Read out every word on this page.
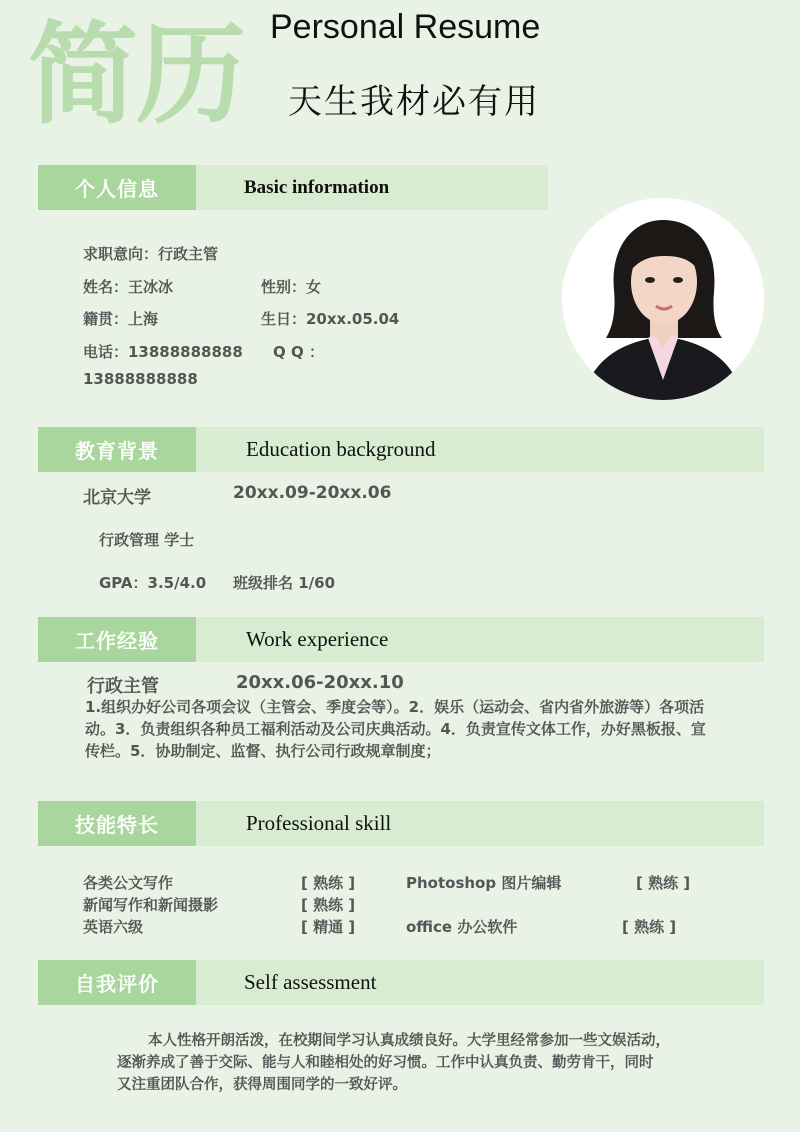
简历 Personal Resume
天生我材必有用
个人信息	Basic information
求职意向：行政主管
姓名：王冰冰	性别：女
籍贯：上海	生日：20xx.05.04
电话：13888888888 Q Q ：
13888888888
教育背景	Education background
北京大学	20xx.09-20xx.06
行政管理 学士
GPA：3.5/4.0 班级排名 1/60
工作经验	Work experience
行政主管	20xx.06-20xx.10
1.组织办好公司各项会议（主管会、季度会等）。2．娱乐（运动会、省内省外旅游等）各项活
动。3．负责组织各种员工福利活动及公司庆典活动。4．负责宣传文体工作，办好黑板报、宣
传栏。5．协助制定、监督、执行公司行政规章制度；
技能特长	Professional skill
各类公文写作	[ 熟练 ]	Photoshop 图片编辑	[ 熟练 ]
新闻写作和新闻摄影	[ 熟练 ]
英语六级	[ 精通 ]	office 办公软件	[ 熟练 ]
自我评价	Self assessment
本人性格开朗活泼，在校期间学习认真成绩良好。大学里经常参加一些文娱活动，
逐渐养成了善于交际、能与人和睦相处的好习惯。工作中认真负责、勤劳肯干，同时
又注重团队合作，获得周围同学的一致好评。
